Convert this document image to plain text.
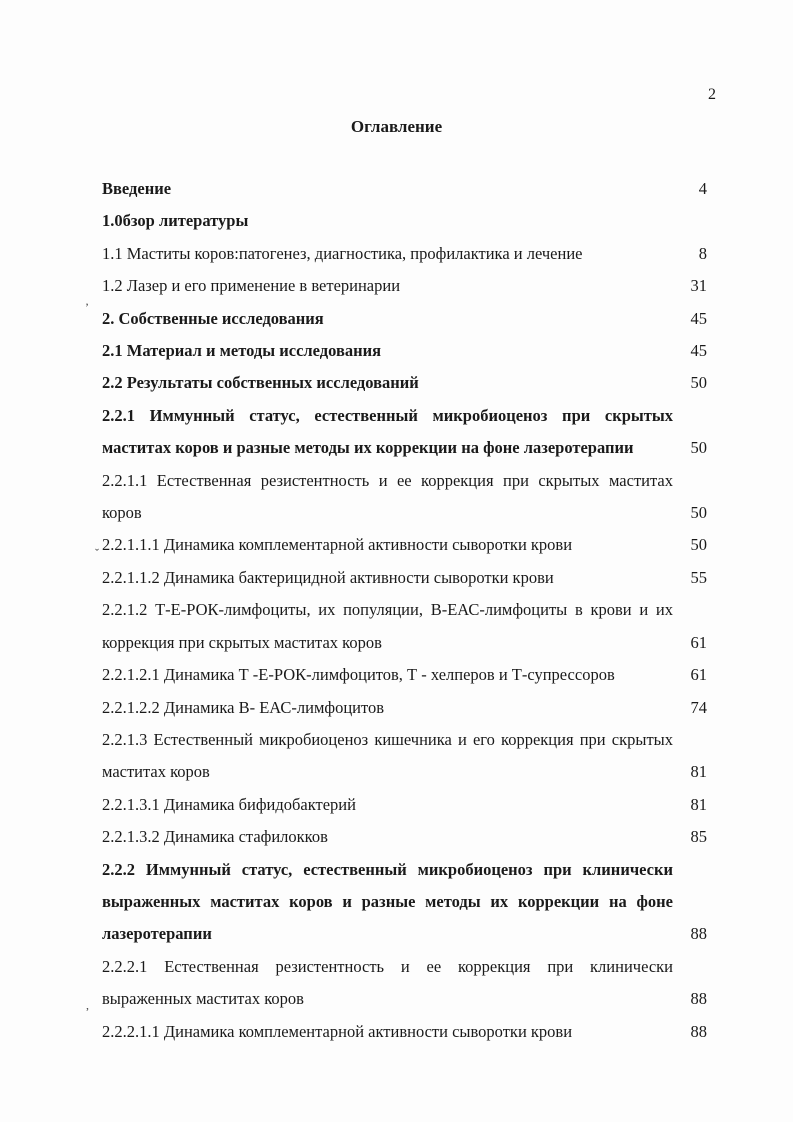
2
Оглавление
Введение	4
1.0бзор литературы
1.1 Маститы коров:патогенез, диагностика, профилактика и лечение	8
1.2 Лазер и его применение в ветеринарии	31
2. Собственные исследования	45
2.1 Материал и методы исследования	45
2.2 Результаты собственных исследований	50
2.2.1 Иммунный статус, естественный микробиоценоз при скрытых маститах коров и разные методы их коррекции на фоне лазеротерапии	50
2.2.1.1 Естественная резистентность и ее коррекция при скрытых маститах коров	50
2.2.1.1.1 Динамика комплементарной активности сыворотки крови	50
2.2.1.1.2 Динамика бактерицидной активности сыворотки крови	55
2.2.1.2 Т-Е-РОК-лимфоциты, их популяции, В-ЕАС-лимфоциты в крови и их коррекция при скрытых маститах коров	61
2.2.1.2.1 Динамика Т -Е-РОК-лимфоцитов, Т - хелперов и Т-супрессоров	61
2.2.1.2.2 Динамика В- ЕАС-лимфоцитов	74
2.2.1.3 Естественный микробиоценоз кишечника и его коррекция при скрытых маститах коров	81
2.2.1.3.1 Динамика бифидобактерий	81
2.2.1.3.2 Динамика стафилокков	85
2.2.2 Иммунный статус, естественный микробиоценоз при клинически выраженных маститах коров и разные методы их коррекции на фоне лазеротерапии	88
2.2.2.1 Естественная резистентность и ее коррекция при клинически выраженных маститах коров	88
2.2.2.1.1 Динамика комплементарной активности сыворотки крови	88
’
ˇ
,
